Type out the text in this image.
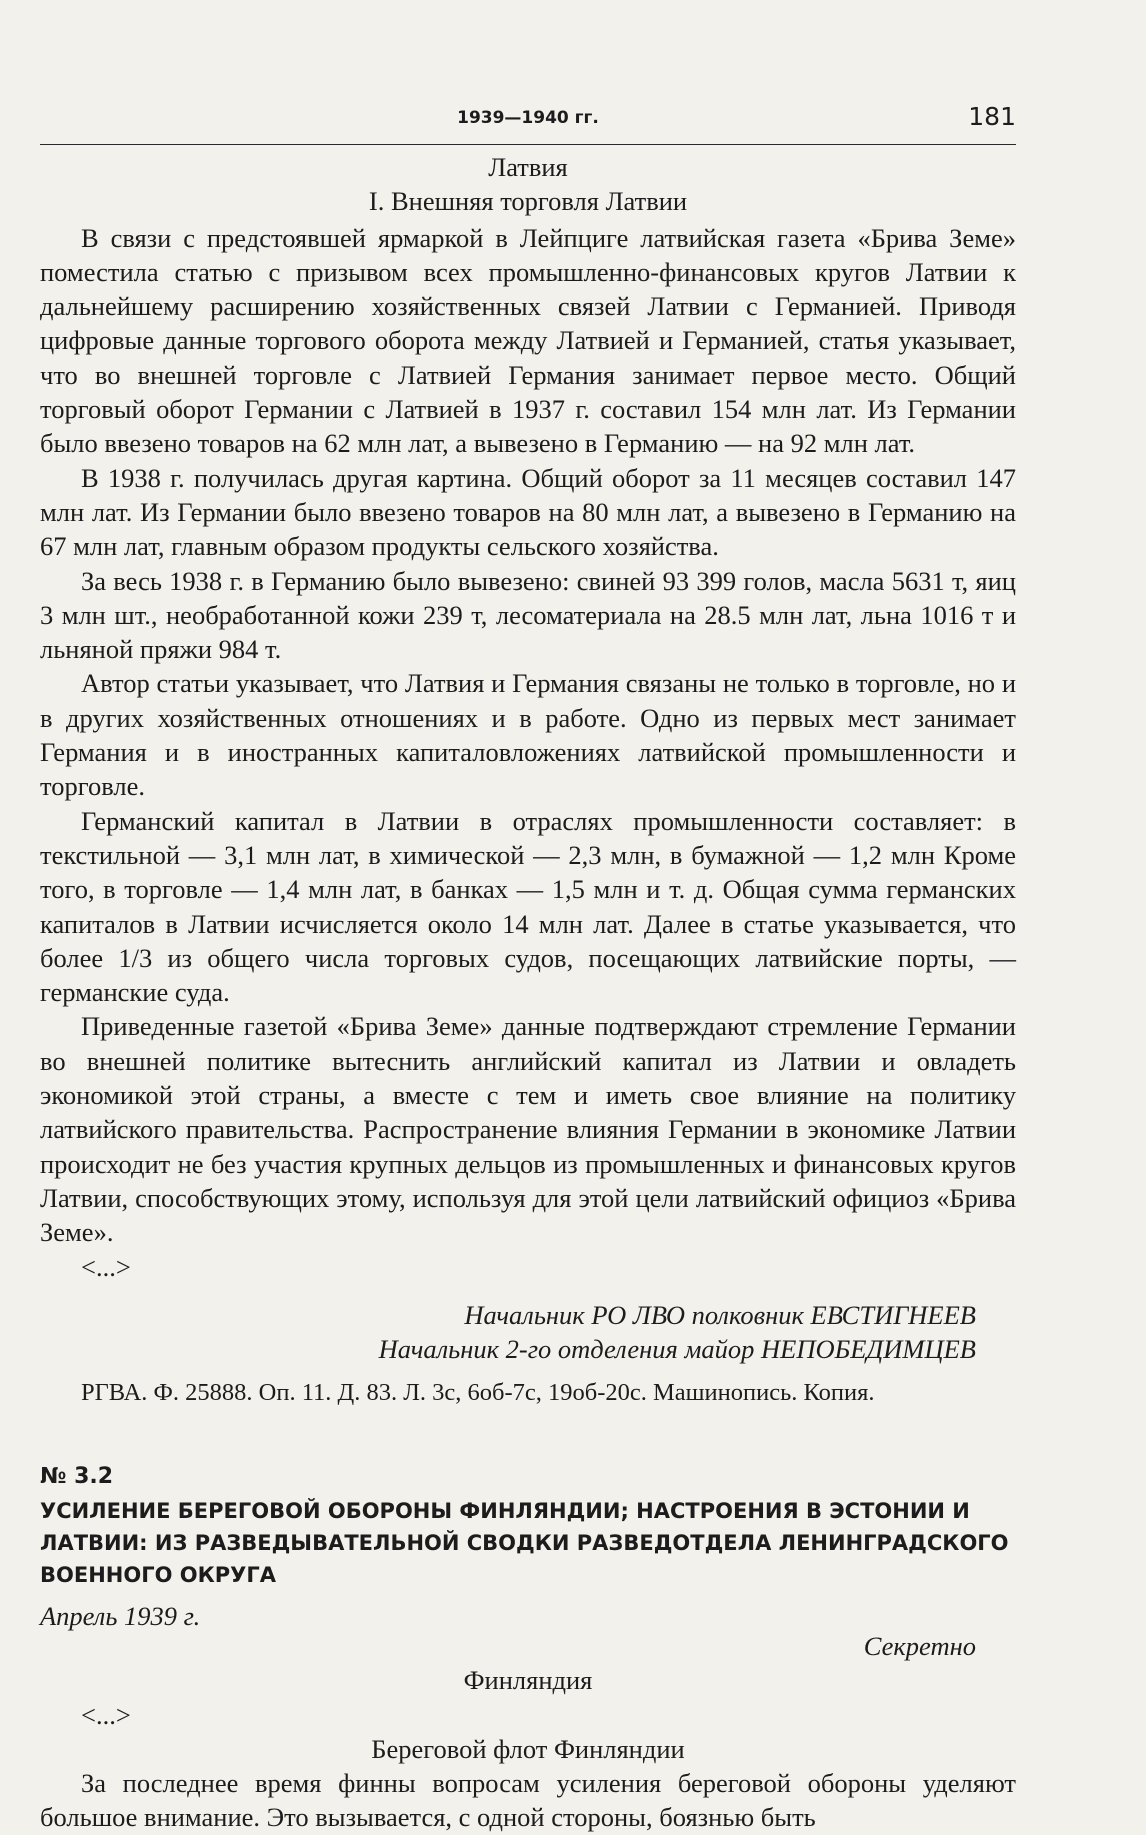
1939—1940 гг.	181
Латвия
I. Внешняя торговля Латвии

В связи с предстоявшей ярмаркой в Лейпциге латвийская газета «Брива Земе» поместила статью с призывом всех промышленно-финансовых кругов Латвии к дальнейшему расширению хозяйственных связей Латвии с Германией. Приводя цифровые данные торгового оборота между Латвией и Германией, статья указывает, что во внешней торговле с Латвией Германия занимает первое место. Общий торговый оборот Германии с Латвией в 1937 г. составил 154 млн лат. Из Германии было ввезено товаров на 62 млн лат, а вывезено в Германию — на 92 млн лат.

В 1938 г. получилась другая картина. Общий оборот за 11 месяцев составил 147 млн лат. Из Германии было ввезено товаров на 80 млн лат, а вывезено в Германию на 67 млн лат, главным образом продукты сельского хозяйства.

За весь 1938 г. в Германию было вывезено: свиней 93 399 голов, масла 5631 т, яиц 3 млн шт., необработанной кожи 239 т, лесоматериала на 28.5 млн лат, льна 1016 т и льняной пряжи 984 т.

Автор статьи указывает, что Латвия и Германия связаны не только в торговле, но и в других хозяйственных отношениях и в работе. Одно из первых мест занимает Германия и в иностранных капиталовложениях латвийской промышленности и торговле.

Германский капитал в Латвии в отраслях промышленности составляет: в текстильной — 3,1 млн лат, в химической — 2,3 млн, в бумажной — 1,2 млн Кроме того, в торговле — 1,4 млн лат, в банках — 1,5 млн и т. д. Общая сумма германских капиталов в Латвии исчисляется около 14 млн лат. Далее в статье указывается, что более 1/3 из общего числа торговых судов, посещающих латвийские порты, — германские суда.

Приведенные газетой «Брива Земе» данные подтверждают стремление Германии во внешней политике вытеснить английский капитал из Латвии и овладеть экономикой этой страны, а вместе с тем и иметь свое влияние на политику латвийского правительства. Распространение влияния Германии в экономике Латвии происходит не без участия крупных дельцов из промышленных и финансовых кругов Латвии, способствующих этому, используя для этой цели латвийский официоз «Брива Земе».

<...>
Начальник РО ЛВО полковник ЕВСТИГНЕЕВ
Начальник 2-го отделения майор НЕПОБЕДИМЦЕВ
РГВА. Ф. 25888. Оп. 11. Д. 83. Л. 3с, 6об-7с, 19об-20с. Машинопись. Копия.
№ 3.2
УСИЛЕНИЕ БЕРЕГОВОЙ ОБОРОНЫ ФИНЛЯНДИИ; НАСТРОЕНИЯ В ЭСТОНИИ И ЛАТВИИ: ИЗ РАЗВЕДЫВАТЕЛЬНОЙ СВОДКИ РАЗВЕДОТДЕЛА ЛЕНИНГРАДСКОГО ВОЕННОГО ОКРУГА
Апрель 1939 г.
Секретно
Финляндия
<...>
Береговой флот Финляндии

За последнее время финны вопросам усиления береговой обороны уделяют большое внимание. Это вызывается, с одной стороны, боязнью быть
